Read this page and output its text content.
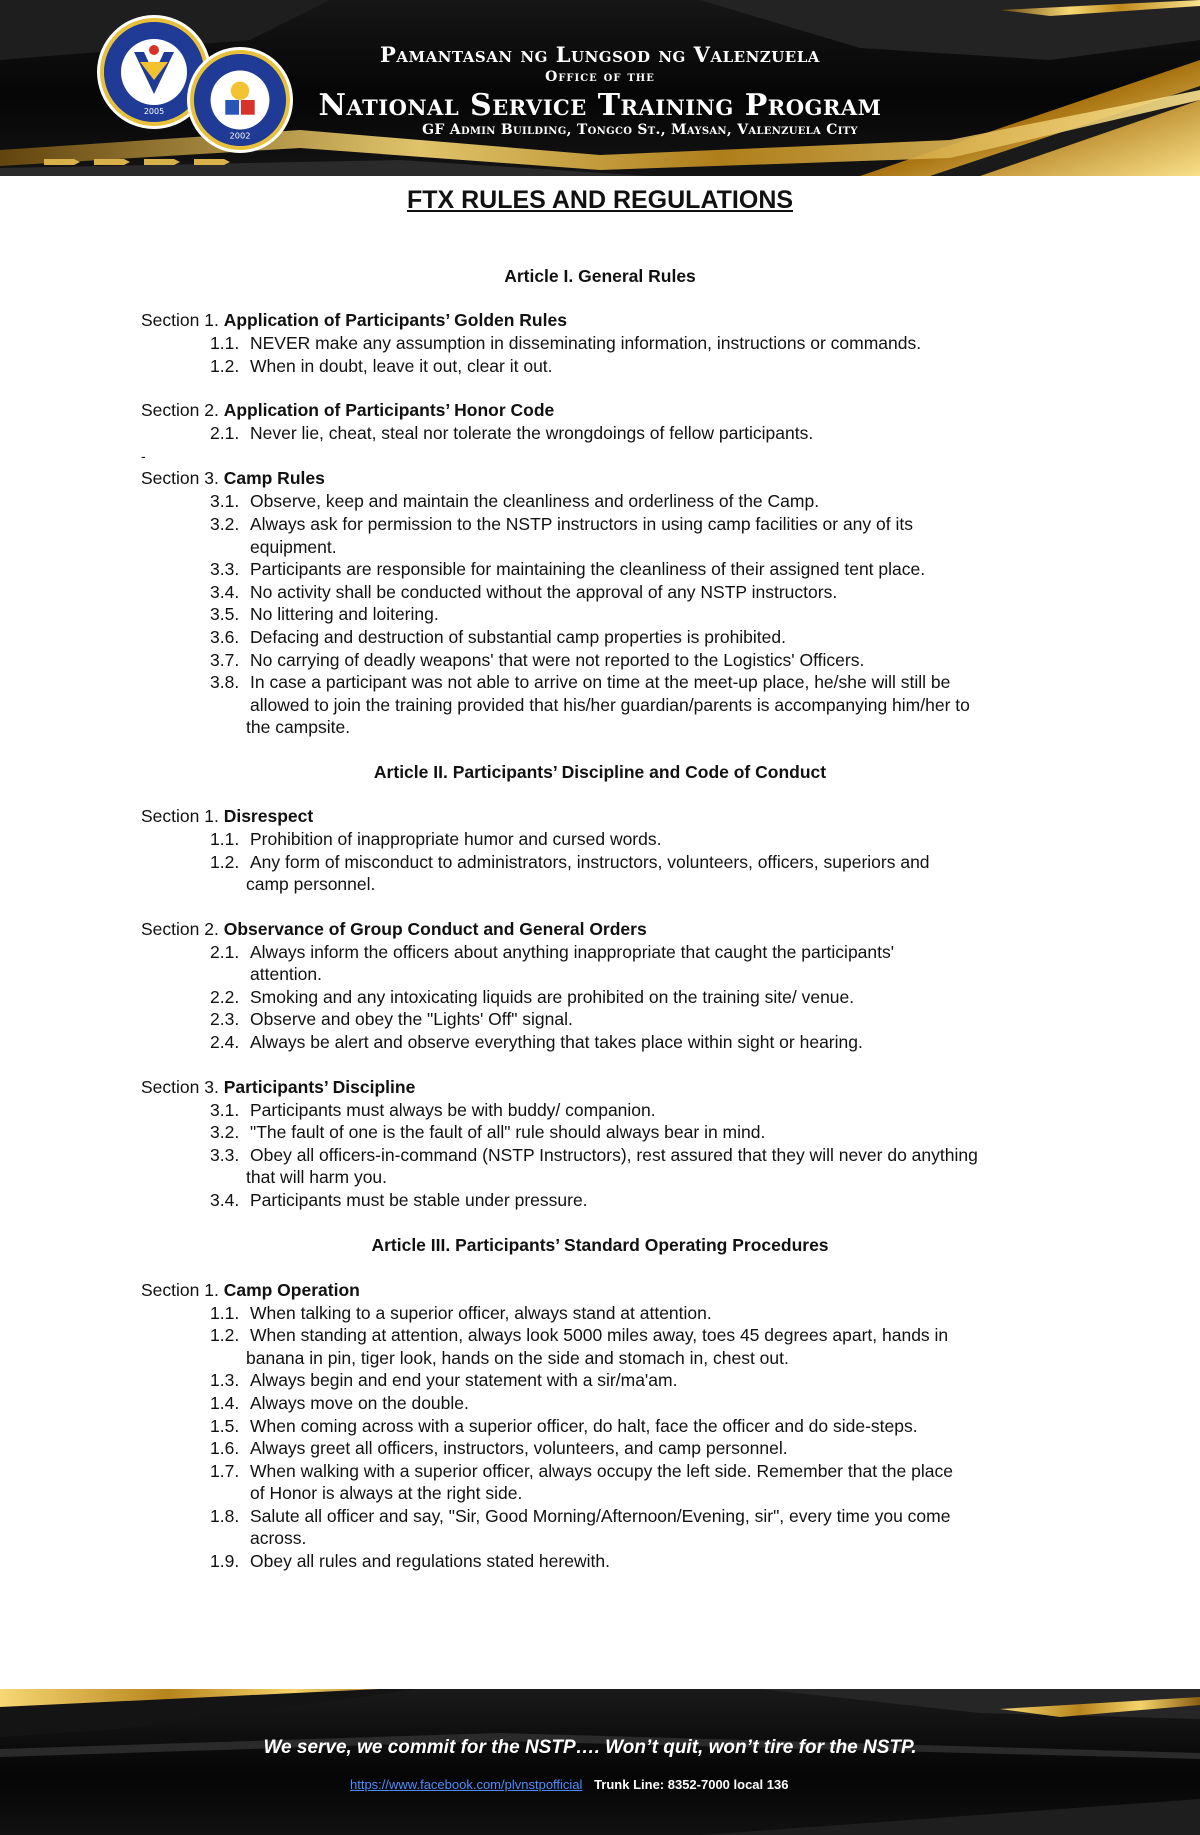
2005
2002
Pamantasan ng Lungsod ng Valenzuela
Office of the
National Service Training Program
GF Admin Building, Tongco St., Maysan, Valenzuela City
FTX RULES AND REGULATIONS
Article I. General Rules
Section 1. Application of Participants’ Golden Rules
1.1. NEVER make any assumption in disseminating information, instructions or commands.
1.2. When in doubt, leave it out, clear it out.
Section 2. Application of Participants’ Honor Code
2.1. Never lie, cheat, steal nor tolerate the wrongdoings of fellow participants.
-
Section 3. Camp Rules
3.1. Observe, keep and maintain the cleanliness and orderliness of the Camp.
3.2. Always ask for permission to the NSTP instructors in using camp facilities or any of its
equipment.
3.3. Participants are responsible for maintaining the cleanliness of their assigned tent place.
3.4. No activity shall be conducted without the approval of any NSTP instructors.
3.5. No littering and loitering.
3.6. Defacing and destruction of substantial camp properties is prohibited.
3.7. No carrying of deadly weapons' that were not reported to the Logistics' Officers.
3.8. In case a participant was not able to arrive on time at the meet-up place, he/she will still be
allowed to join the training provided that his/her guardian/parents is accompanying him/her to
the campsite.
Article II. Participants’ Discipline and Code of Conduct
Section 1. Disrespect
1.1. Prohibition of inappropriate humor and cursed words.
1.2. Any form of misconduct to administrators, instructors, volunteers, officers, superiors and
camp personnel.
Section 2. Observance of Group Conduct and General Orders
2.1. Always inform the officers about anything inappropriate that caught the participants'
attention.
2.2. Smoking and any intoxicating liquids are prohibited on the training site/ venue.
2.3. Observe and obey the "Lights' Off" signal.
2.4. Always be alert and observe everything that takes place within sight or hearing.
Section 3. Participants’ Discipline
3.1. Participants must always be with buddy/ companion.
3.2. "The fault of one is the fault of all" rule should always bear in mind.
3.3. Obey all officers-in-command (NSTP Instructors), rest assured that they will never do anything
that will harm you.
3.4. Participants must be stable under pressure.
Article III. Participants’ Standard Operating Procedures
Section 1. Camp Operation
1.1. When talking to a superior officer, always stand at attention.
1.2. When standing at attention, always look 5000 miles away, toes 45 degrees apart, hands in
banana in pin, tiger look, hands on the side and stomach in, chest out.
1.3. Always begin and end your statement with a sir/ma'am.
1.4. Always move on the double.
1.5. When coming across with a superior officer, do halt, face the officer and do side-steps.
1.6. Always greet all officers, instructors, volunteers, and camp personnel.
1.7. When walking with a superior officer, always occupy the left side. Remember that the place
of Honor is always at the right side.
1.8. Salute all officer and say, "Sir, Good Morning/Afternoon/Evening, sir", every time you come
across.
1.9. Obey all rules and regulations stated herewith.
We serve, we commit for the NSTP…. Won’t quit, won’t tire for the NSTP.
https://www.facebook.com/plvnstpofficial Trunk Line: 8352-7000 local 136
